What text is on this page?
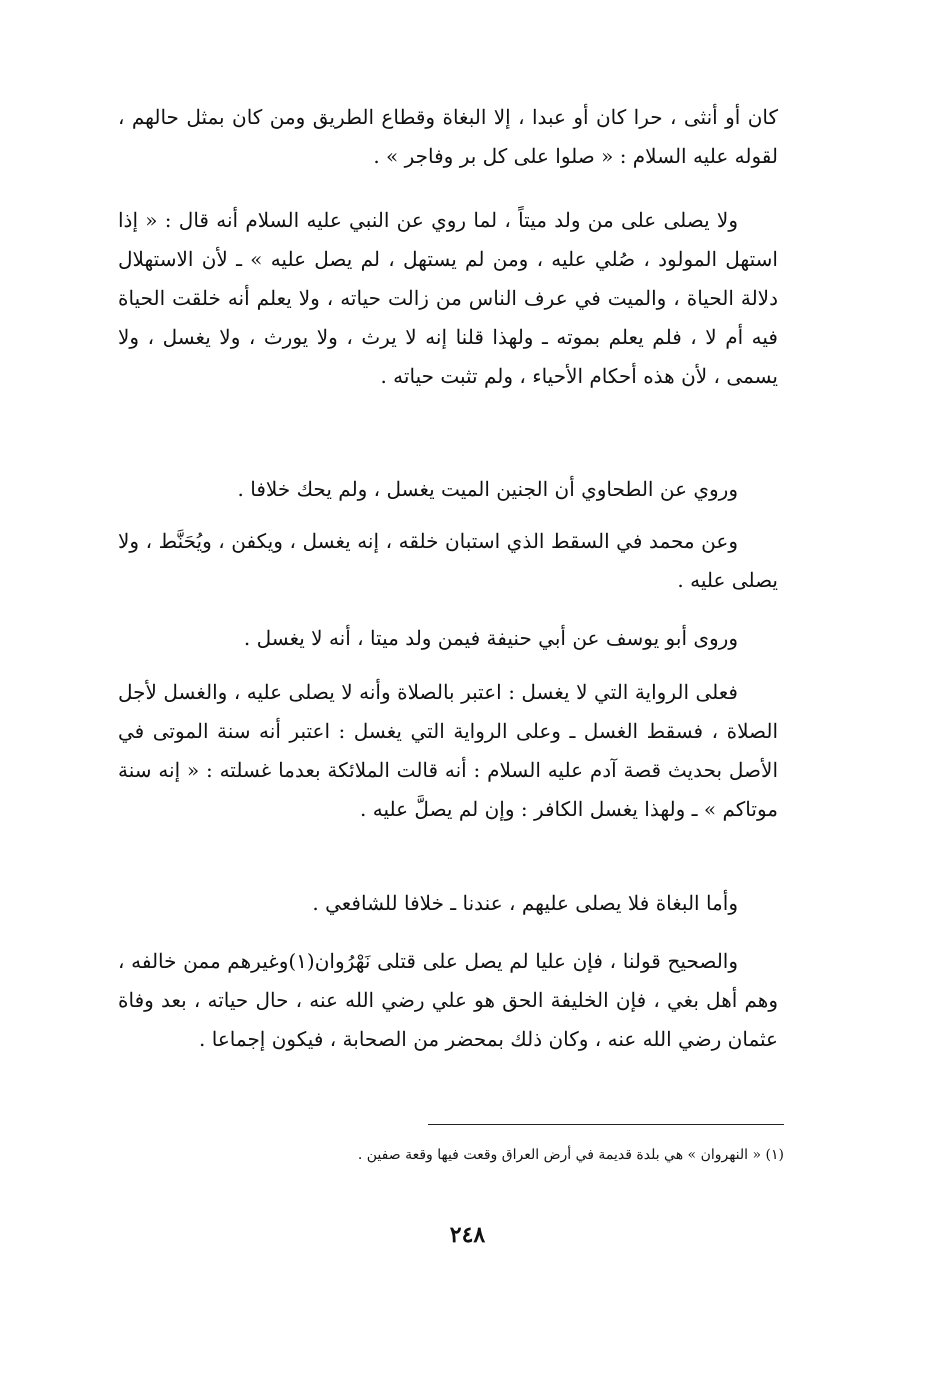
كان أو أنثى ، حرا كان أو عبدا ، إلا البغاة وقطاع الطريق ومن كان بمثل حالهم ، لقوله عليه السلام : « صلوا على كل بر وفاجر » .

ولا يصلى على من ولد ميتاً ، لما روي عن النبي عليه السلام أنه قال : « إذا استهل المولود ، صُلي عليه ، ومن لم يستهل ، لم يصل عليه » ـ لأن الاستهلال دلالة الحياة ، والميت في عرف الناس من زالت حياته ، ولا يعلم أنه خلقت الحياة فيه أم لا ، فلم يعلم بموته ـ ولهذا قلنا إنه لا يرث ، ولا يورث ، ولا يغسل ، ولا يسمى ، لأن هذه أحكام الأحياء ، ولم تثبت حياته .

وروي عن الطحاوي أن الجنين الميت يغسل ، ولم يحك خلافا .

وعن محمد في السقط الذي استبان خلقه ، إنه يغسل ، ويكفن ، ويُحَنَّط ، ولا يصلى عليه .

وروى أبو يوسف عن أبي حنيفة فيمن ولد ميتا ، أنه لا يغسل .

فعلى الرواية التي لا يغسل : اعتبر بالصلاة وأنه لا يصلى عليه ، والغسل لأجل الصلاة ، فسقط الغسل ـ وعلى الرواية التي يغسل : اعتبر أنه سنة الموتى في الأصل بحديث قصة آدم عليه السلام : أنه قالت الملائكة بعدما غسلته : « إنه سنة موتاكم » ـ ولهذا يغسل الكافر : وإن لم يصلَّ عليه .

وأما البغاة فلا يصلى عليهم ، عندنا ـ خلافا للشافعي .

والصحيح قولنا ، فإن عليا لم يصل على قتلى نَهْرُوان(١)وغيرهم ممن خالفه ، وهم أهل بغي ، فإن الخليفة الحق هو علي رضي الله عنه ، حال حياته ، بعد وفاة عثمان رضي الله عنه ، وكان ذلك بمحضر من الصحابة ، فيكون إجماعا .

(١) « النهروان » هي بلدة قديمة في أرض العراق وقعت فيها وقعة صفين .
٢٤٨
